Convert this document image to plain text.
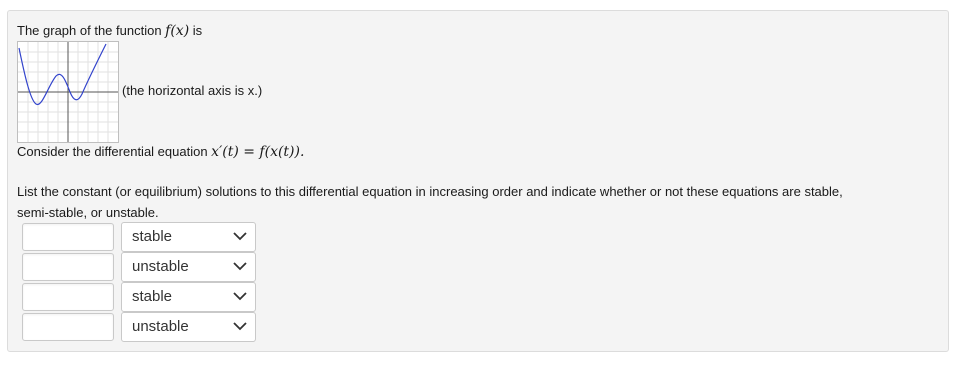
The graph of the function f(x) is
(the horizontal axis is x.)
Consider the differential equation x′(t) = f(x(t)).
List the constant (or equilibrium) solutions to this differential equation in increasing order and indicate whether or not these equations are stable,
semi-stable, or unstable.
stable
unstable
stable
unstable
